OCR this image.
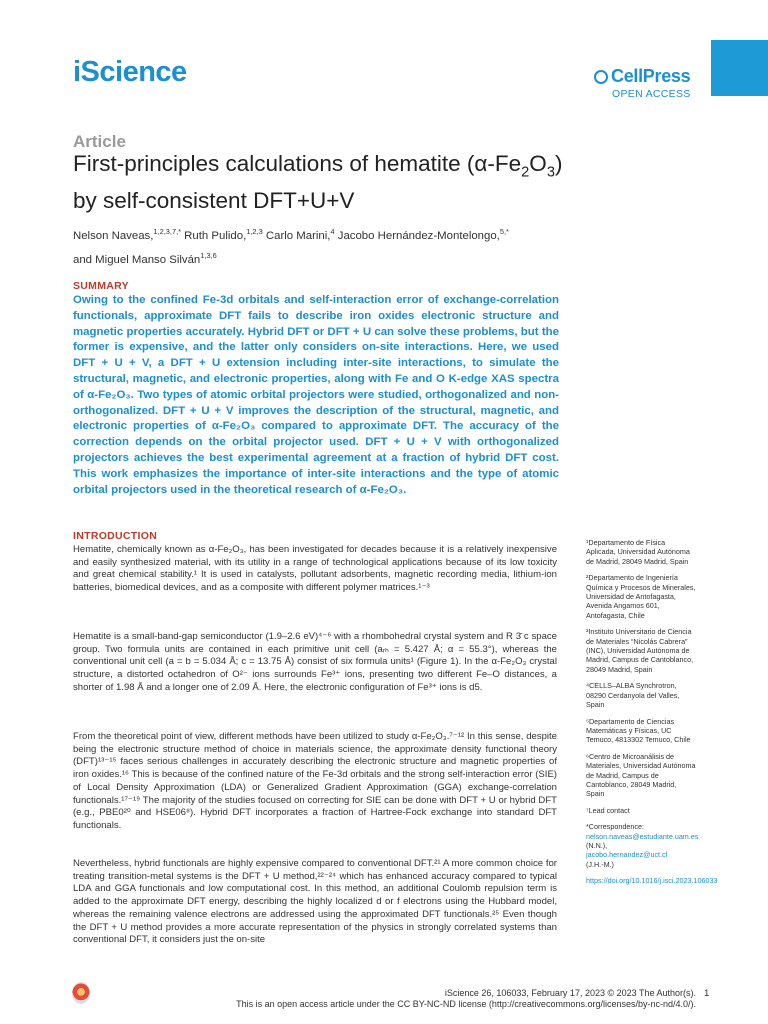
iScience	CellPress
OPEN ACCESS
Article
First-principles calculations of hematite $(\alpha-Fe_2O_3)$
by self-consistent DFT+U+V
Nelson Naveas,$^{1,2,3,7,*}$ Ruth Pulido,$^{1,2,3}$ Carlo Marini,$^4$ Jacobo Hernández-Montelongo,$^{5,*}$
and Miguel Manso Silván$^{1,3,6}$
SUMMARY
Owing to the confined Fe-3d orbitals and self-interaction error of exchange-correlation functionals, approximate DFT fails to describe iron oxides electronic structure and magnetic properties accurately. Hybrid DFT or DFT + U can solve these problems, but the former is expensive, and the latter only considers on-site interactions. Here, we used DFT + U + V, a DFT + U extension including inter-site interactions, to simulate the structural, magnetic, and electronic properties, along with Fe and O K-edge XAS spectra of α-Fe₂O₃. Two types of atomic orbital projectors were studied, orthogonalized and non-orthogonalized. DFT + U + V improves the description of the structural, magnetic, and electronic properties of α-Fe₂O₃ compared to approximate DFT. The accuracy of the correction depends on the orbital projector used. DFT + U + V with orthogonalized projectors achieves the best experimental agreement at a fraction of hybrid DFT cost. This work emphasizes the importance of inter-site interactions and the type of atomic orbital projectors used in the theoretical research of α-Fe₂O₃.
INTRODUCTION
Hematite, chemically known as α-Fe₂O₃, has been investigated for decades because it is a relatively inexpensive and easily synthesized material, with its utility in a range of technological applications because of its low toxicity and great chemical stability.¹ It is used in catalysts, pollutant adsorbents, magnetic recording media, lithium-ion batteries, biomedical devices, and as a composite with different polymer matrices.¹⁻³
Hematite is a small-band-gap semiconductor (1.9–2.6 eV)⁴⁻⁶ with a rhombohedral crystal system and R 3̄ c space group. Two formula units are contained in each primitive unit cell (aᵣₕ = 5.427 Å; α = 55.3°), whereas the conventional unit cell (a = b = 5.034 Å; c = 13.75 Å) consist of six formula units¹ (Figure 1). In the α-Fe₂O₃ crystal structure, a distorted octahedron of O²⁻ ions surrounds Fe³⁺ ions, presenting two different Fe–O distances, a shorter of 1.98 Å and a longer one of 2.09 Å. Here, the electronic configuration of Fe³⁺ ions is d5.
From the theoretical point of view, different methods have been utilized to study α-Fe₂O₃.⁷⁻¹² In this sense, despite being the electronic structure method of choice in materials science, the approximate density functional theory (DFT)¹³⁻¹⁵ faces serious challenges in accurately describing the electronic structure and magnetic properties of iron oxides.¹⁶ This is because of the confined nature of the Fe-3d orbitals and the strong self-interaction error (SIE) of Local Density Approximation (LDA) or Generalized Gradient Approximation (GGA) exchange-correlation functionals.¹⁷⁻¹⁹ The majority of the studies focused on correcting for SIE can be done with DFT + U or hybrid DFT (e.g., PBE0²⁰ and HSE06⁸). Hybrid DFT incorporates a fraction of Hartree-Fock exchange into standard DFT functionals.
Nevertheless, hybrid functionals are highly expensive compared to conventional DFT.²¹ A more common choice for treating transition-metal systems is the DFT + U method,²²⁻²⁴ which has enhanced accuracy compared to typical LDA and GGA functionals and low computational cost. In this method, an additional Coulomb repulsion term is added to the approximate DFT energy, describing the highly localized d or f electrons using the Hubbard model, whereas the remaining valence electrons are addressed using the approximated DFT functionals.²⁵ Even though the DFT + U method provides a more accurate representation of the physics in strongly correlated systems than conventional DFT, it considers just the on-site
¹Departamento de Física Aplicada, Universidad Autónoma de Madrid, 28049 Madrid, Spain
²Departamento de Ingeniería Química y Procesos de Minerales, Universidad de Antofagasta, Avenida Angamos 601, Antofagasta, Chile
³Instituto Universitario de Ciencia de Materiales “Nicolás Cabrera” (INC), Universidad Autónoma de Madrid, Campus de Cantoblanco, 28049 Madrid, Spain
⁴CELLS–ALBA Synchrotron, 08290 Cerdanyola del Valles, Spain
⁵Departamento de Ciencias Matemáticas y Físicas, UC Temuco, 4813302 Temuco, Chile
⁶Centro de Microanálisis de Materiales, Universidad Autónoma de Madrid, Campus de Cantoblanco, 28049 Madrid, Spain
⁷Lead contact
*Correspondence:
nelson.naveas@estudiante.uam.es (N.N.),
jacobo.hernandez@uct.cl
(J.H.-M.)
https://doi.org/10.1016/j.isci.2023.106033
iScience 26, 106033, February 17, 2023 © 2023 The Author(s). 1
This is an open access article under the CC BY-NC-ND license (http://creativecommons.org/licenses/by-nc-nd/4.0/).
